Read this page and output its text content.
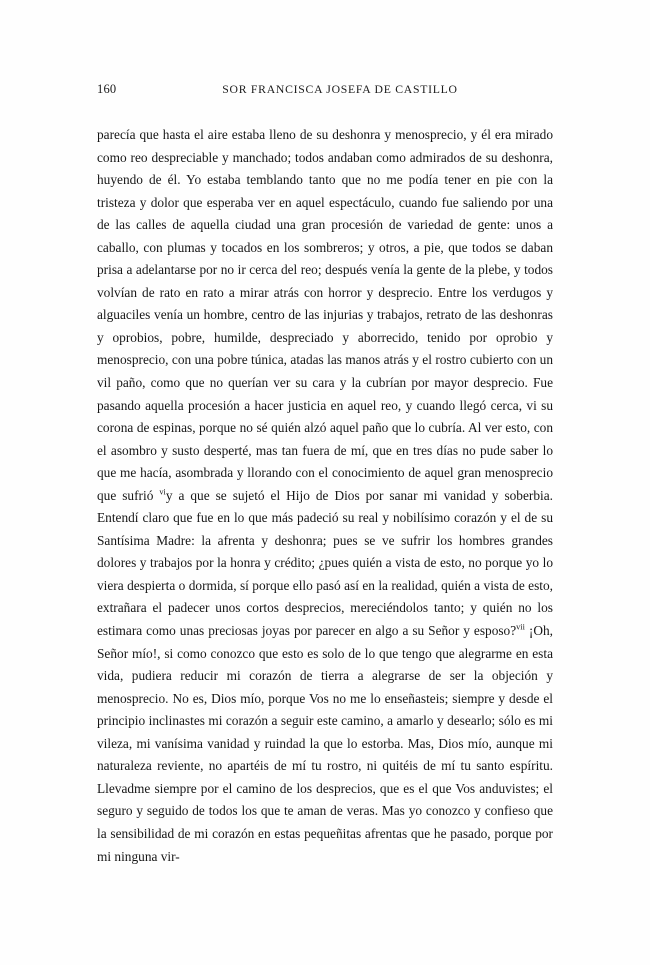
160	SOR FRANCISCA JOSEFA DE CASTILLO

parecía que hasta el aire estaba lleno de su deshonra y menosprecio, y él era mirado como reo despreciable y manchado; todos andaban como admirados de su deshonra, huyendo de él. Yo estaba temblando tanto que no me podía tener en pie con la tristeza y dolor que esperaba ver en aquel espectáculo, cuando fue saliendo por una de las calles de aquella ciudad una gran procesión de variedad de gente: unos a caballo, con plumas y tocados en los sombreros; y otros, a pie, que todos se daban prisa a adelantarse por no ir cerca del reo; después venía la gente de la plebe, y todos volvían de rato en rato a mirar atrás con horror y desprecio. Entre los verdugos y alguaciles venía un hombre, centro de las injurias y trabajos, retrato de las deshonras y oprobios, pobre, humilde, despreciado y aborrecido, tenido por oprobio y menosprecio, con una pobre túnica, atadas las manos atrás y el rostro cubierto con un vil paño, como que no querían ver su cara y la cubrían por mayor desprecio. Fue pasando aquella procesión a hacer justicia en aquel reo, y cuando llegó cerca, vi su corona de espinas, porque no sé quién alzó aquel paño que lo cubría. Al ver esto, con el asombro y susto desperté, mas tan fuera de mí, que en tres días no pude saber lo que me hacía, asombrada y llorando con el conocimiento de aquel gran menosprecio que sufrió $^{vi}$y a que se sujetó el Hijo de Dios por sanar mi vanidad y soberbia. Entendí claro que fue en lo que más padeció su real y nobilísimo corazón y el de su Santísima Madre: la afrenta y deshonra; pues se ve sufrir los hombres grandes dolores y trabajos por la honra y crédito; ¿pues quién a vista de esto, no porque yo lo viera despierta o dormida, sí porque ello pasó así en la realidad, quién a vista de esto, extrañara el padecer unos cortos desprecios, mereciéndolos tanto; y quién no los estimara como unas preciosas joyas por parecer en algo a su Señor y esposo?$^{vii}$ ¡Oh, Señor mío!, si como conozco que esto es solo de lo que tengo que alegrarme en esta vida, pudiera reducir mi corazón de tierra a alegrarse de ser la objeción y menosprecio. No es, Dios mío, porque Vos no me lo enseñasteis; siempre y desde el principio inclinastes mi corazón a seguir este camino, a amarlo y desearlo; sólo es mi vileza, mi vanísima vanidad y ruindad la que lo estorba. Mas, Dios mío, aunque mi naturaleza reviente, no apartéis de mí tu rostro, ni quitéis de mí tu santo espíritu. Llevadme siempre por el camino de los desprecios, que es el que Vos anduvistes; el seguro y seguido de todos los que te aman de veras. Mas yo conozco y confieso que la sensibilidad de mi corazón en estas pequeñitas afrentas que he pasado, porque por mi ninguna vir-
